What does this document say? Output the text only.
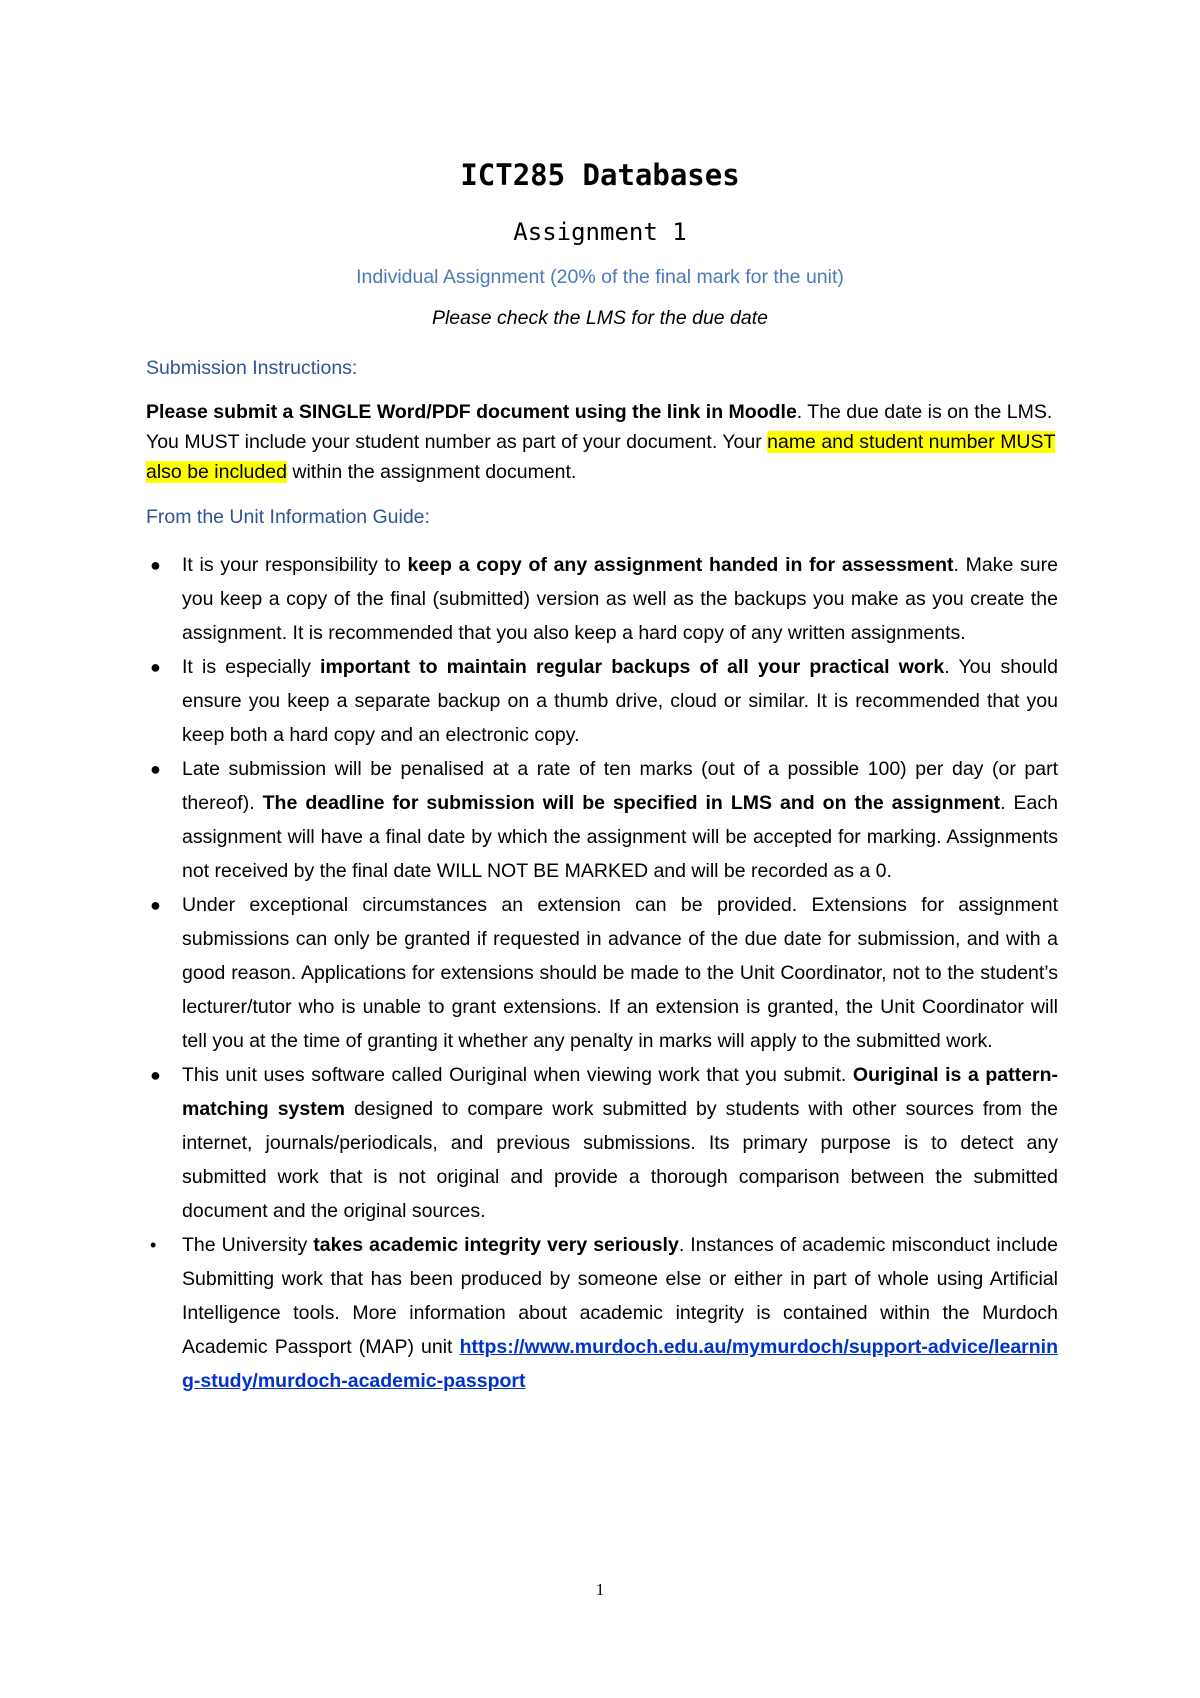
ICT285 Databases
Assignment 1
Individual Assignment (20% of the final mark for the unit)
Please check the LMS for the due date
Submission Instructions:
Please submit a SINGLE Word/PDF document using the link in Moodle. The due date is on the LMS. You MUST include your student number as part of your document. Your name and student number MUST also be included within the assignment document.
From the Unit Information Guide:
● It is your responsibility to keep a copy of any assignment handed in for assessment. Make sure you keep a copy of the final (submitted) version as well as the backups you make as you create the assignment. It is recommended that you also keep a hard copy of any written assignments.
● It is especially important to maintain regular backups of all your practical work. You should ensure you keep a separate backup on a thumb drive, cloud or similar. It is recommended that you keep both a hard copy and an electronic copy.
● Late submission will be penalised at a rate of ten marks (out of a possible 100) per day (or part thereof). The deadline for submission will be specified in LMS and on the assignment. Each assignment will have a final date by which the assignment will be accepted for marking. Assignments not received by the final date WILL NOT BE MARKED and will be recorded as a 0.
● Under exceptional circumstances an extension can be provided. Extensions for assignment submissions can only be granted if requested in advance of the due date for submission, and with a good reason. Applications for extensions should be made to the Unit Coordinator, not to the student’s lecturer/tutor who is unable to grant extensions. If an extension is granted, the Unit Coordinator will tell you at the time of granting it whether any penalty in marks will apply to the submitted work.
● This unit uses software called Ouriginal when viewing work that you submit. Ouriginal is a pattern-matching system designed to compare work submitted by students with other sources from the internet, journals/periodicals, and previous submissions. Its primary purpose is to detect any submitted work that is not original and provide a thorough comparison between the submitted document and the original sources.
• The University takes academic integrity very seriously. Instances of academic misconduct include Submitting work that has been produced by someone else or either in part of whole using Artificial Intelligence tools. More information about academic integrity is contained within the Murdoch Academic Passport (MAP) unit https://www.murdoch.edu.au/mymurdoch/support-advice/learning-study/murdoch-academic-passport
1
